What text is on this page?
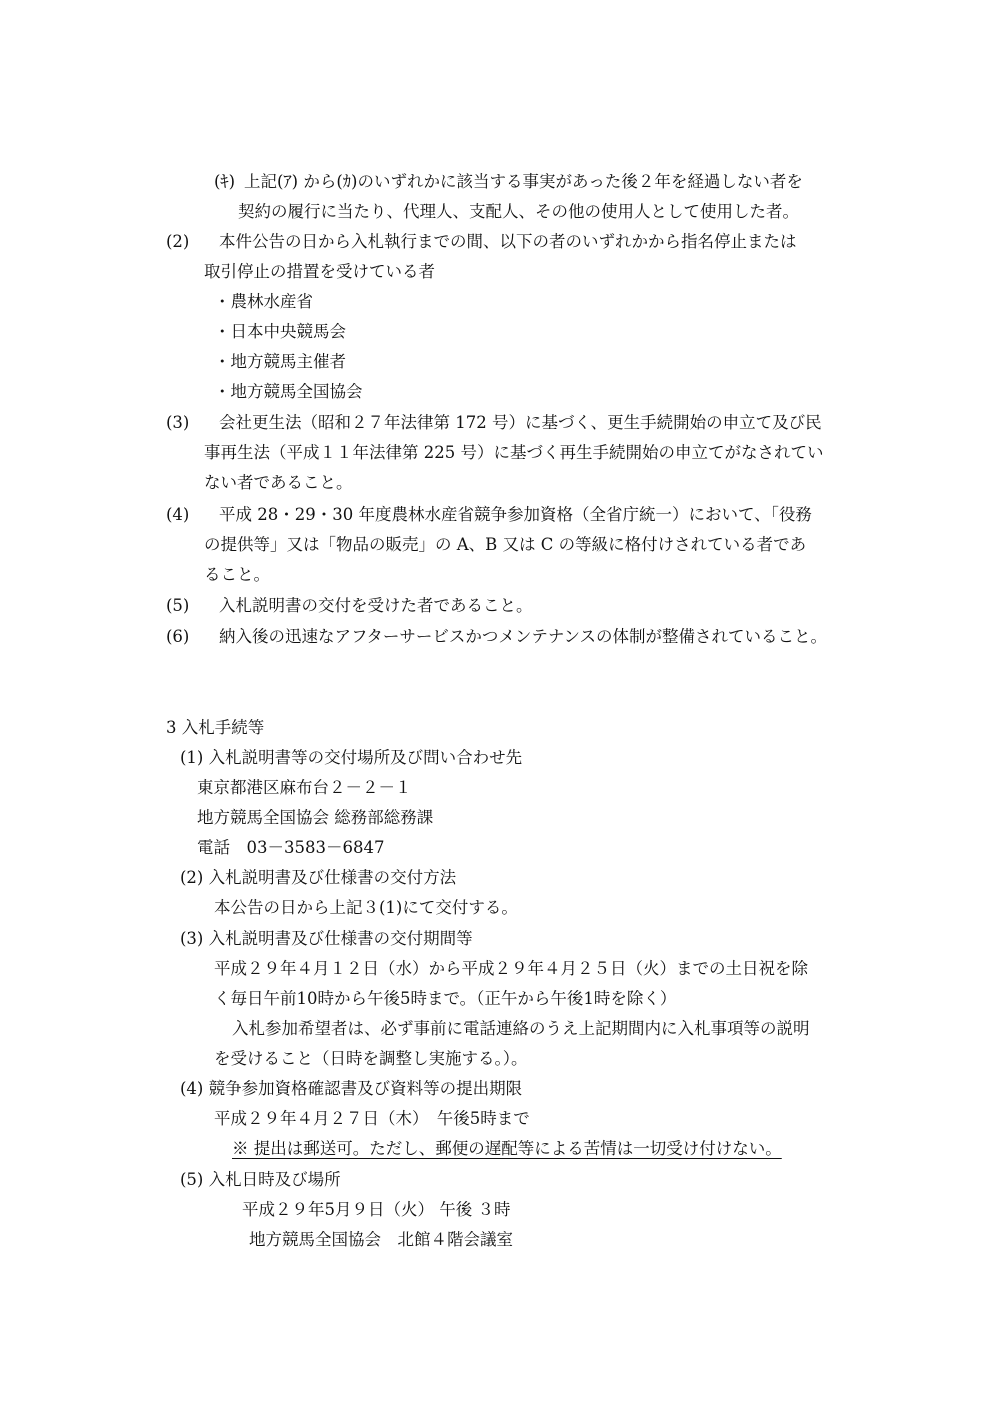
(ｷ) 上記(ｱ) から(ｶ)のいずれかに該当する事実があった後２年を経過しない者を
契約の履行に当たり、代理人、支配人、その他の使用人として使用した者。
(2) 本件公告の日から入札執行までの間、以下の者のいずれかから指名停止または
取引停止の措置を受けている者
・農林水産省
・日本中央競馬会
・地方競馬主催者
・地方競馬全国協会
(3) 会社更生法（昭和２７年法律第 172 号）に基づく、更生手続開始の申立て及び民
事再生法（平成１１年法律第 225 号）に基づく再生手続開始の申立てがなされてい
ない者であること。
(4) 平成 28・29・30 年度農林水産省競争参加資格（全省庁統一）において、「役務
の提供等」又は「物品の販売」の A、B 又は C の等級に格付けされている者であ
ること。
(5) 入札説明書の交付を受けた者であること。
(6) 納入後の迅速なアフターサービスかつメンテナンスの体制が整備されていること。
3 入札手続等
(1) 入札説明書等の交付場所及び問い合わせ先
東京都港区麻布台２－２－１
地方競馬全国協会 総務部総務課
電話　03－3583－6847
(2) 入札説明書及び仕様書の交付方法
本公告の日から上記３(1)にて交付する。
(3) 入札説明書及び仕様書の交付期間等
平成２９年４月１２日（水）から平成２９年４月２５日（火）までの土日祝を除
く毎日午前10時から午後5時まで。（正午から午後1時を除く）
入札参加希望者は、必ず事前に電話連絡のうえ上記期間内に入札事項等の説明
を受けること（日時を調整し実施する。）。
(4) 競争参加資格確認書及び資料等の提出期限
平成２９年４月２７日（木）　午後5時まで
※ 提出は郵送可。ただし、郵便の遅配等による苦情は一切受け付けない。
(5) 入札日時及び場所
平成２９年5月９日（火） 午後 ３時
地方競馬全国協会　北館４階会議室
